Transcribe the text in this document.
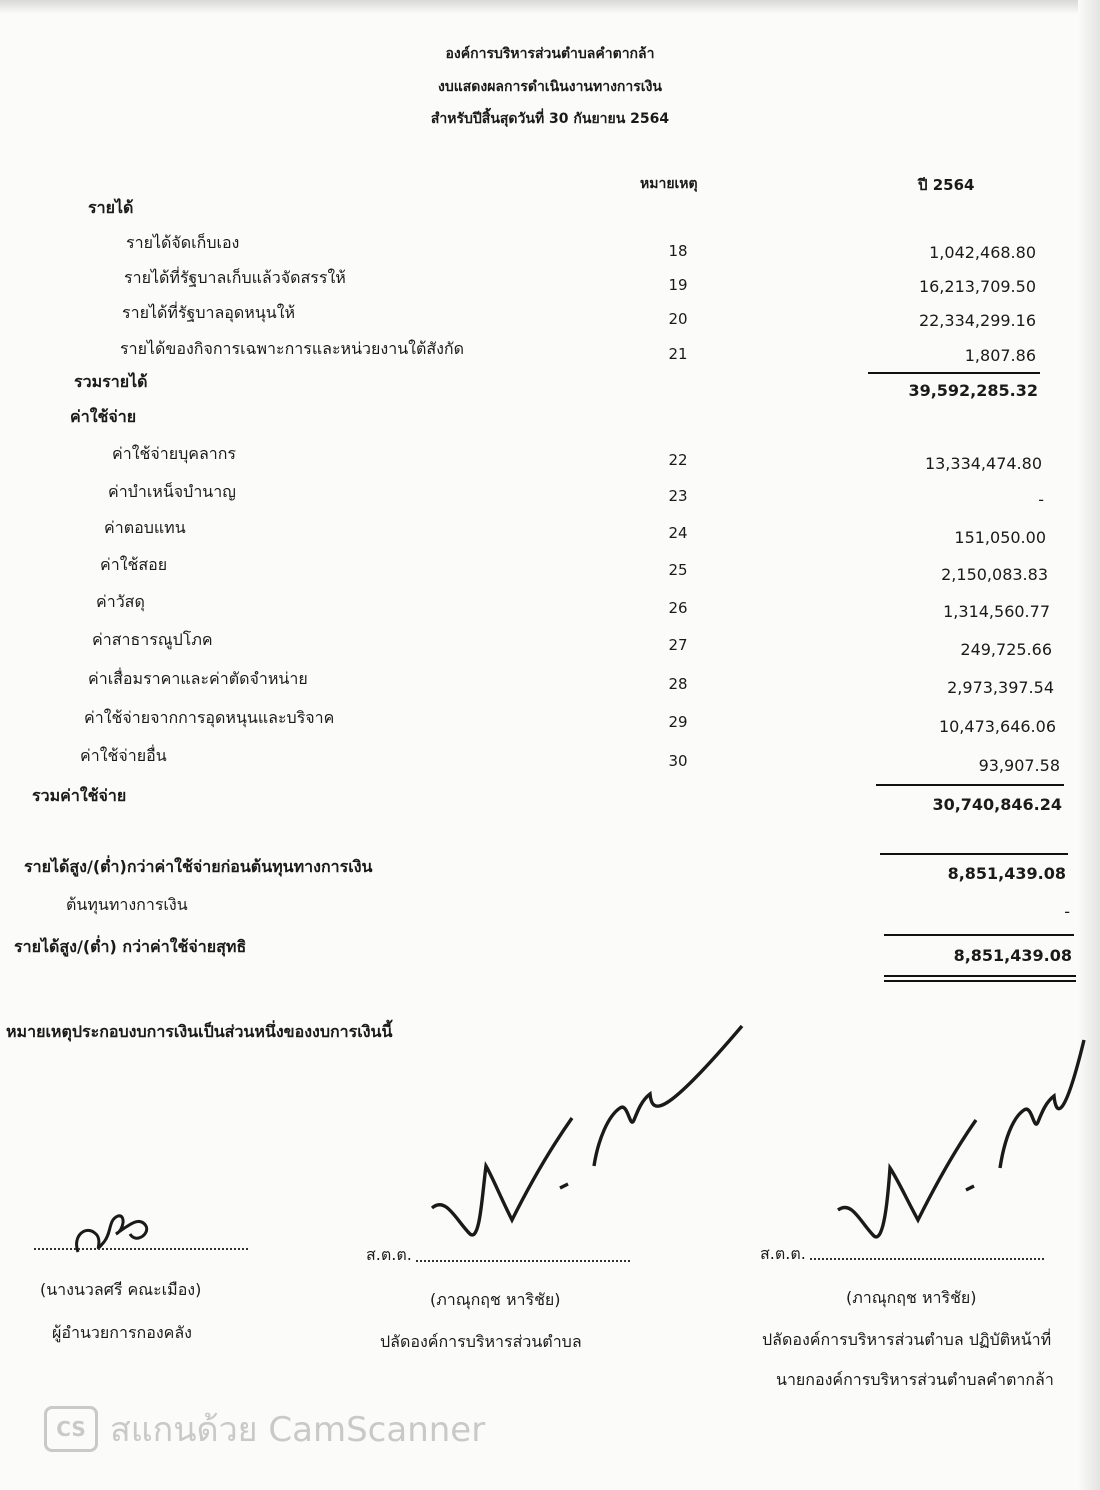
องค์การบริหารส่วนตำบลคำตากล้า
งบแสดงผลการดำเนินงานทางการเงิน
สำหรับปีสิ้นสุดวันที่ 30 กันยายน 2564
หมายเหตุ	ปี 2564
รายได้
รายได้จัดเก็บเอง	18	1,042,468.80
รายได้ที่รัฐบาลเก็บแล้วจัดสรรให้	19	16,213,709.50
รายได้ที่รัฐบาลอุดหนุนให้	20	22,334,299.16
รายได้ของกิจการเฉพาะการและหน่วยงานใต้สังกัด	21	1,807.86
รวมรายได้	39,592,285.32
ค่าใช้จ่าย
ค่าใช้จ่ายบุคลากร	22	13,334,474.80
ค่าบำเหน็จบำนาญ	23	-
ค่าตอบแทน	24	151,050.00
ค่าใช้สอย	25	2,150,083.83
ค่าวัสดุ	26	1,314,560.77
ค่าสาธารณูปโภค	27	249,725.66
ค่าเสื่อมราคาและค่าตัดจำหน่าย	28	2,973,397.54
ค่าใช้จ่ายจากการอุดหนุนและบริจาค	29	10,473,646.06
ค่าใช้จ่ายอื่น	30	93,907.58
รวมค่าใช้จ่าย	30,740,846.24
รายได้สูง/(ต่ำ)กว่าค่าใช้จ่ายก่อนต้นทุนทางการเงิน	8,851,439.08
ต้นทุนทางการเงิน	-
รายได้สูง/(ต่ำ) กว่าค่าใช้จ่ายสุทธิ	8,851,439.08
หมายเหตุประกอบงบการเงินเป็นส่วนหนึ่งของงบการเงินนี้
(นางนวลศรี คณะเมือง)
ผู้อำนวยการกองคลัง
ส.ต.ต.
(ภาณุกฤช หาริชัย)
ปลัดองค์การบริหารส่วนตำบล
ส.ต.ต.
(ภาณุกฤช หาริชัย)
ปลัดองค์การบริหารส่วนตำบล ปฏิบัติหน้าที่
นายกองค์การบริหารส่วนตำบลคำตากล้า
CS สแกนด้วย CamScanner
